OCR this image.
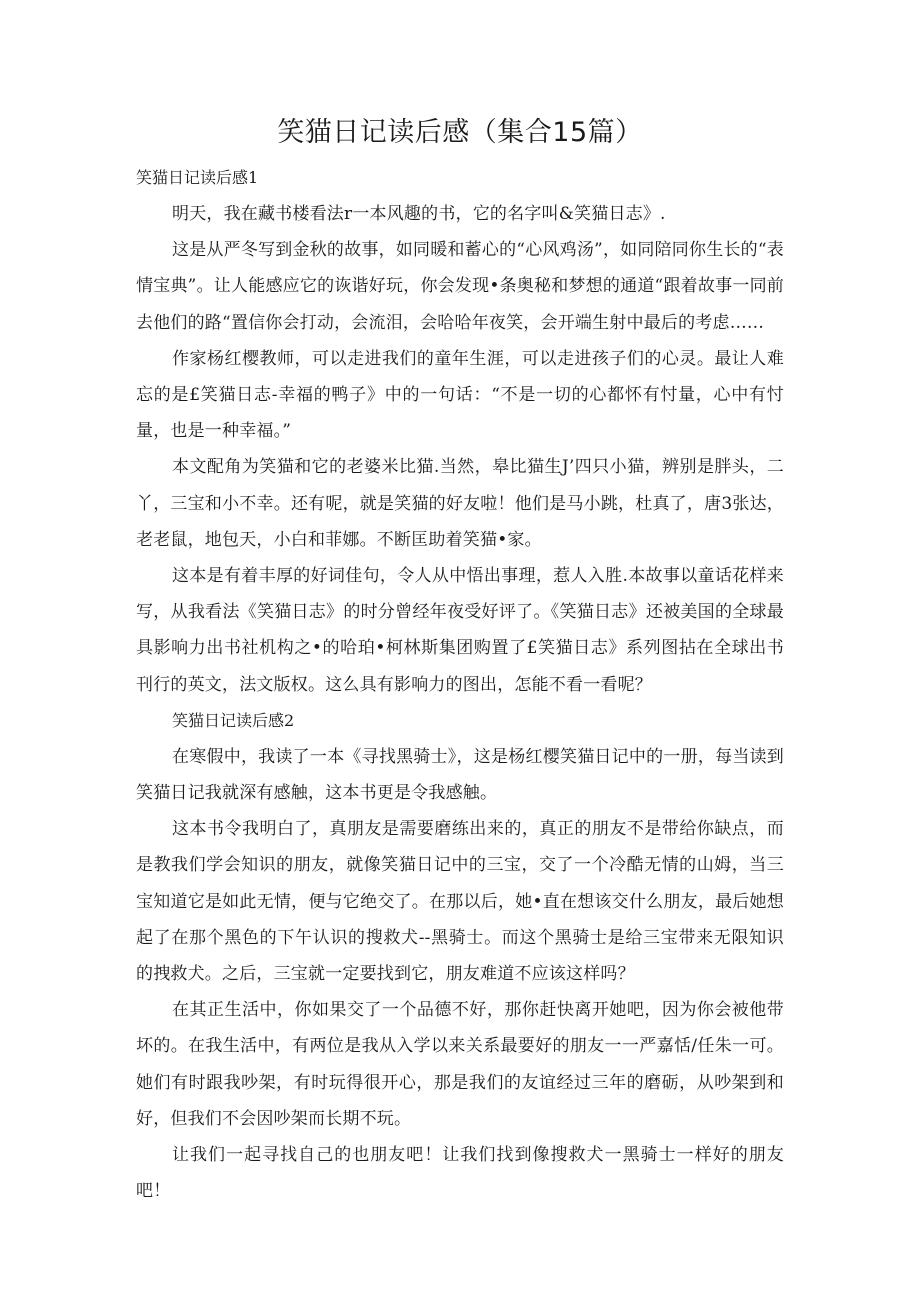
笑猫日记读后感（集合15篇）

笑猫日记读后感1

明天，我在藏书楼看法r一本风趣的书，它的名字叫&笑猫日志》.

这是从严冬写到金秋的故事，如同暖和蓄心的“心风鸡汤”，如同陪同你生长的“表情宝典”。让人能感应它的诙谐好玩，你会发现•条奥秘和梦想的通道“跟着故事一同前去他们的路“置信你会打动，会流泪，会哈哈年夜笑，会开端生射中最后的考虑……

作家杨红樱教师，可以走进我们的童年生涯，可以走进孩子们的心灵。最让人难忘的是£笑猫日志-幸福的鸭子》中的一句话：“不是一切的心都怀有忖量，心中有忖量，也是一种幸福。”

本文配角为笑猫和它的老婆米比猫.当然，皋比猫生J’四只小猫，辨别是胖头，二丫，三宝和小不幸。还有呢，就是笑猫的好友啦！他们是马小跳，杜真了，唐3张达，老老鼠，地包天，小白和菲娜。不断匡助着笑猫•家。

这本是有着丰厚的好词佳句，令人从中悟出事理，惹人入胜.本故事以童话花样来写，从我看法《笑猫日志》的时分曾经年夜受好评了。《笑猫日志》还被美国的全球最具影响力出书社机构之•的哈珀•柯林斯集团购置了£笑猫日志》系列图拈在全球出书刊行的英文，法文版权。这么具有影响力的图出，怎能不看一看呢？

笑猫日记读后感2

在寒假中，我读了一本《寻找黑骑士》，这是杨红樱笑猫日记中的一册，每当读到笑猫日记我就深有感触，这本书更是令我感触。

这本书令我明白了，真朋友是需要磨练出来的，真正的朋友不是带给你缺点，而是教我们学会知识的朋友，就像笑猫日记中的三宝，交了一个冷酷无情的山姆，当三宝知道它是如此无情，便与它绝交了。在那以后，她•直在想该交什么朋友，最后她想起了在那个黑色的下午认识的搜救犬--黑骑士。而这个黑骑士是给三宝带来无限知识的拽救犬。之后，三宝就一定要找到它，朋友难道不应该这样吗？

在其正生活中，你如果交了一个品德不好，那你赶快离开她吧，因为你会被他带坏的。在我生活中，有两位是我从入学以来关系最要好的朋友一一严嘉恬/任朱一可。她们有时跟我吵架，有时玩得很开心，那是我们的友谊经过三年的磨砺，从吵架到和好，但我们不会因吵架而长期不玩。

让我们一起寻找自己的也朋友吧！让我们找到像搜救犬一黑骑士一样好的朋友吧！
